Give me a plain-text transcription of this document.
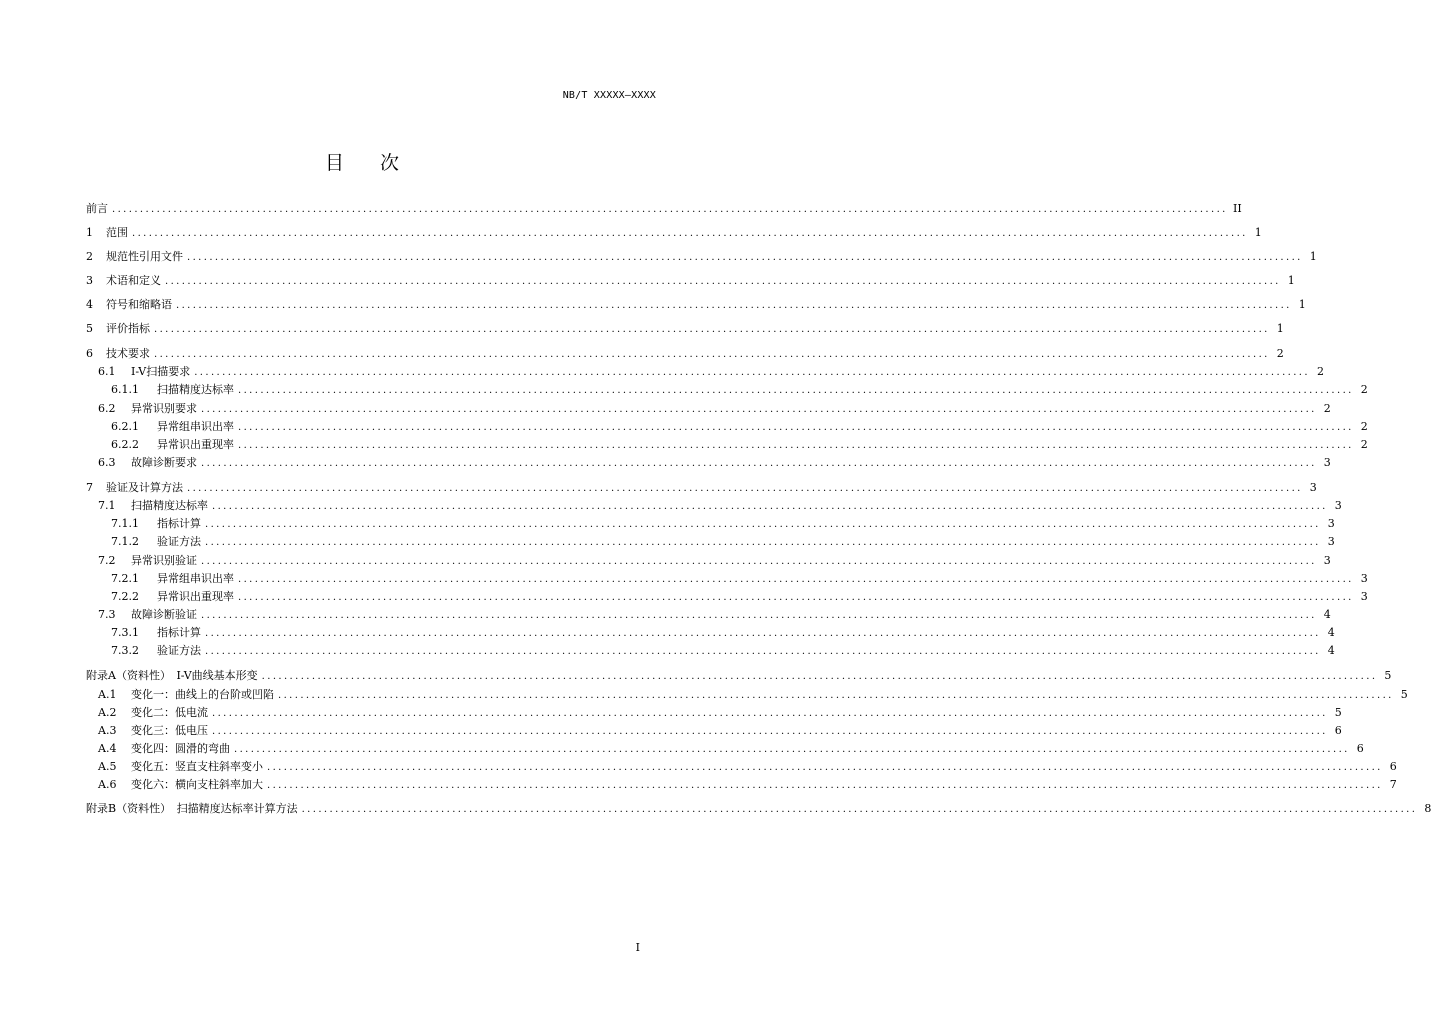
NB/T XXXXX—XXXX
目次
前言 ........................................................................................................................................................................................................ II
1	范围 ........................................................................................................................................................................................................ 1
2	规范性引用文件 ........................................................................................................................................................................................................ 1
3	术语和定义 ........................................................................................................................................................................................................ 1
4	符号和缩略语 ........................................................................................................................................................................................................ 1
5	评价指标 ........................................................................................................................................................................................................ 1
6	技术要求 ........................................................................................................................................................................................................ 2
6.1	I-V扫描要求 ........................................................................................................................................................................................................ 2
6.1.1	扫描精度达标率 ........................................................................................................................................................................................................ 2
6.2	异常识别要求 ........................................................................................................................................................................................................ 2
6.2.1	异常组串识出率 ........................................................................................................................................................................................................ 2
6.2.2	异常识出重现率 ........................................................................................................................................................................................................ 2
6.3	故障诊断要求 ........................................................................................................................................................................................................ 3
7	验证及计算方法 ........................................................................................................................................................................................................ 3
7.1	扫描精度达标率 ........................................................................................................................................................................................................ 3
7.1.1	指标计算 ........................................................................................................................................................................................................ 3
7.1.2	验证方法 ........................................................................................................................................................................................................ 3
7.2	异常识别验证 ........................................................................................................................................................................................................ 3
7.2.1	异常组串识出率 ........................................................................................................................................................................................................ 3
7.2.2	异常识出重现率 ........................................................................................................................................................................................................ 3
7.3	故障诊断验证 ........................................................................................................................................................................................................ 4
7.3.1	指标计算 ........................................................................................................................................................................................................ 4
7.3.2	验证方法 ........................................................................................................................................................................................................ 4
附录A（资料性）　I-V曲线基本形变 ........................................................................................................................................................................................................ 5
A.1	变化一：曲线上的台阶或凹陷 ........................................................................................................................................................................................................ 5
A.2	变化二：低电流 ........................................................................................................................................................................................................ 5
A.3	变化三：低电压 ........................................................................................................................................................................................................ 6
A.4	变化四：圆滑的弯曲 ........................................................................................................................................................................................................ 6
A.5	变化五：竖直支柱斜率变小 ........................................................................................................................................................................................................ 6
A.6	变化六：横向支柱斜率加大 ........................................................................................................................................................................................................ 7
附录B（资料性）　扫描精度达标率计算方法 ........................................................................................................................................................................................................ 8
I
